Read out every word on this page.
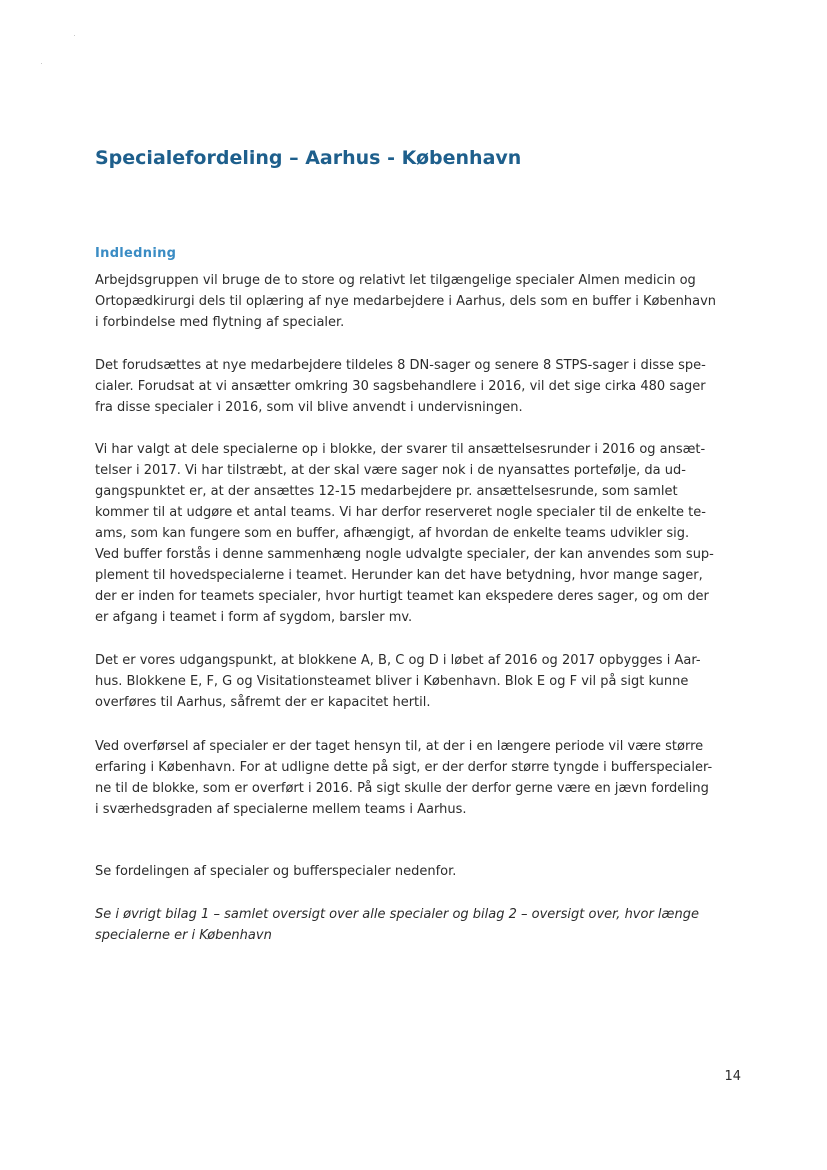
Specialefordeling – Aarhus - København
Indledning

Arbejdsgruppen vil bruge de to store og relativt let tilgængelige specialer Almen medicin og
Ortopædkirurgi dels til oplæring af nye medarbejdere i Aarhus, dels som en buffer i København
i forbindelse med flytning af specialer.

Det forudsættes at nye medarbejdere tildeles 8 DN-sager og senere 8 STPS-sager i disse spe-
cialer. Forudsat at vi ansætter omkring 30 sagsbehandlere i 2016, vil det sige cirka 480 sager
fra disse specialer i 2016, som vil blive anvendt i undervisningen.

Vi har valgt at dele specialerne op i blokke, der svarer til ansættelsesrunder i 2016 og ansæt-
telser i 2017. Vi har tilstræbt, at der skal være sager nok i de nyansattes portefølje, da ud-
gangspunktet er, at der ansættes 12-15 medarbejdere pr. ansættelsesrunde, som samlet
kommer til at udgøre et antal teams. Vi har derfor reserveret nogle specialer til de enkelte te-
ams, som kan fungere som en buffer, afhængigt, af hvordan de enkelte teams udvikler sig.
Ved buffer forstås i denne sammenhæng nogle udvalgte specialer, der kan anvendes som sup-
plement til hovedspecialerne i teamet. Herunder kan det have betydning, hvor mange sager,
der er inden for teamets specialer, hvor hurtigt teamet kan ekspedere deres sager, og om der
er afgang i teamet i form af sygdom, barsler mv.

Det er vores udgangspunkt, at blokkene A, B, C og D i løbet af 2016 og 2017 opbygges i Aar-
hus. Blokkene E, F, G og Visitationsteamet bliver i København. Blok E og F vil på sigt kunne
overføres til Aarhus, såfremt der er kapacitet hertil.

Ved overførsel af specialer er der taget hensyn til, at der i en længere periode vil være større
erfaring i København. For at udligne dette på sigt, er der derfor større tyngde i bufferspecialer-
ne til de blokke, som er overført i 2016. På sigt skulle der derfor gerne være en jævn fordeling
i sværhedsgraden af specialerne mellem teams i Aarhus.

Se fordelingen af specialer og bufferspecialer nedenfor.

Se i øvrigt bilag 1 – samlet oversigt over alle specialer og bilag 2 – oversigt over, hvor længe
specialerne er i København

14
